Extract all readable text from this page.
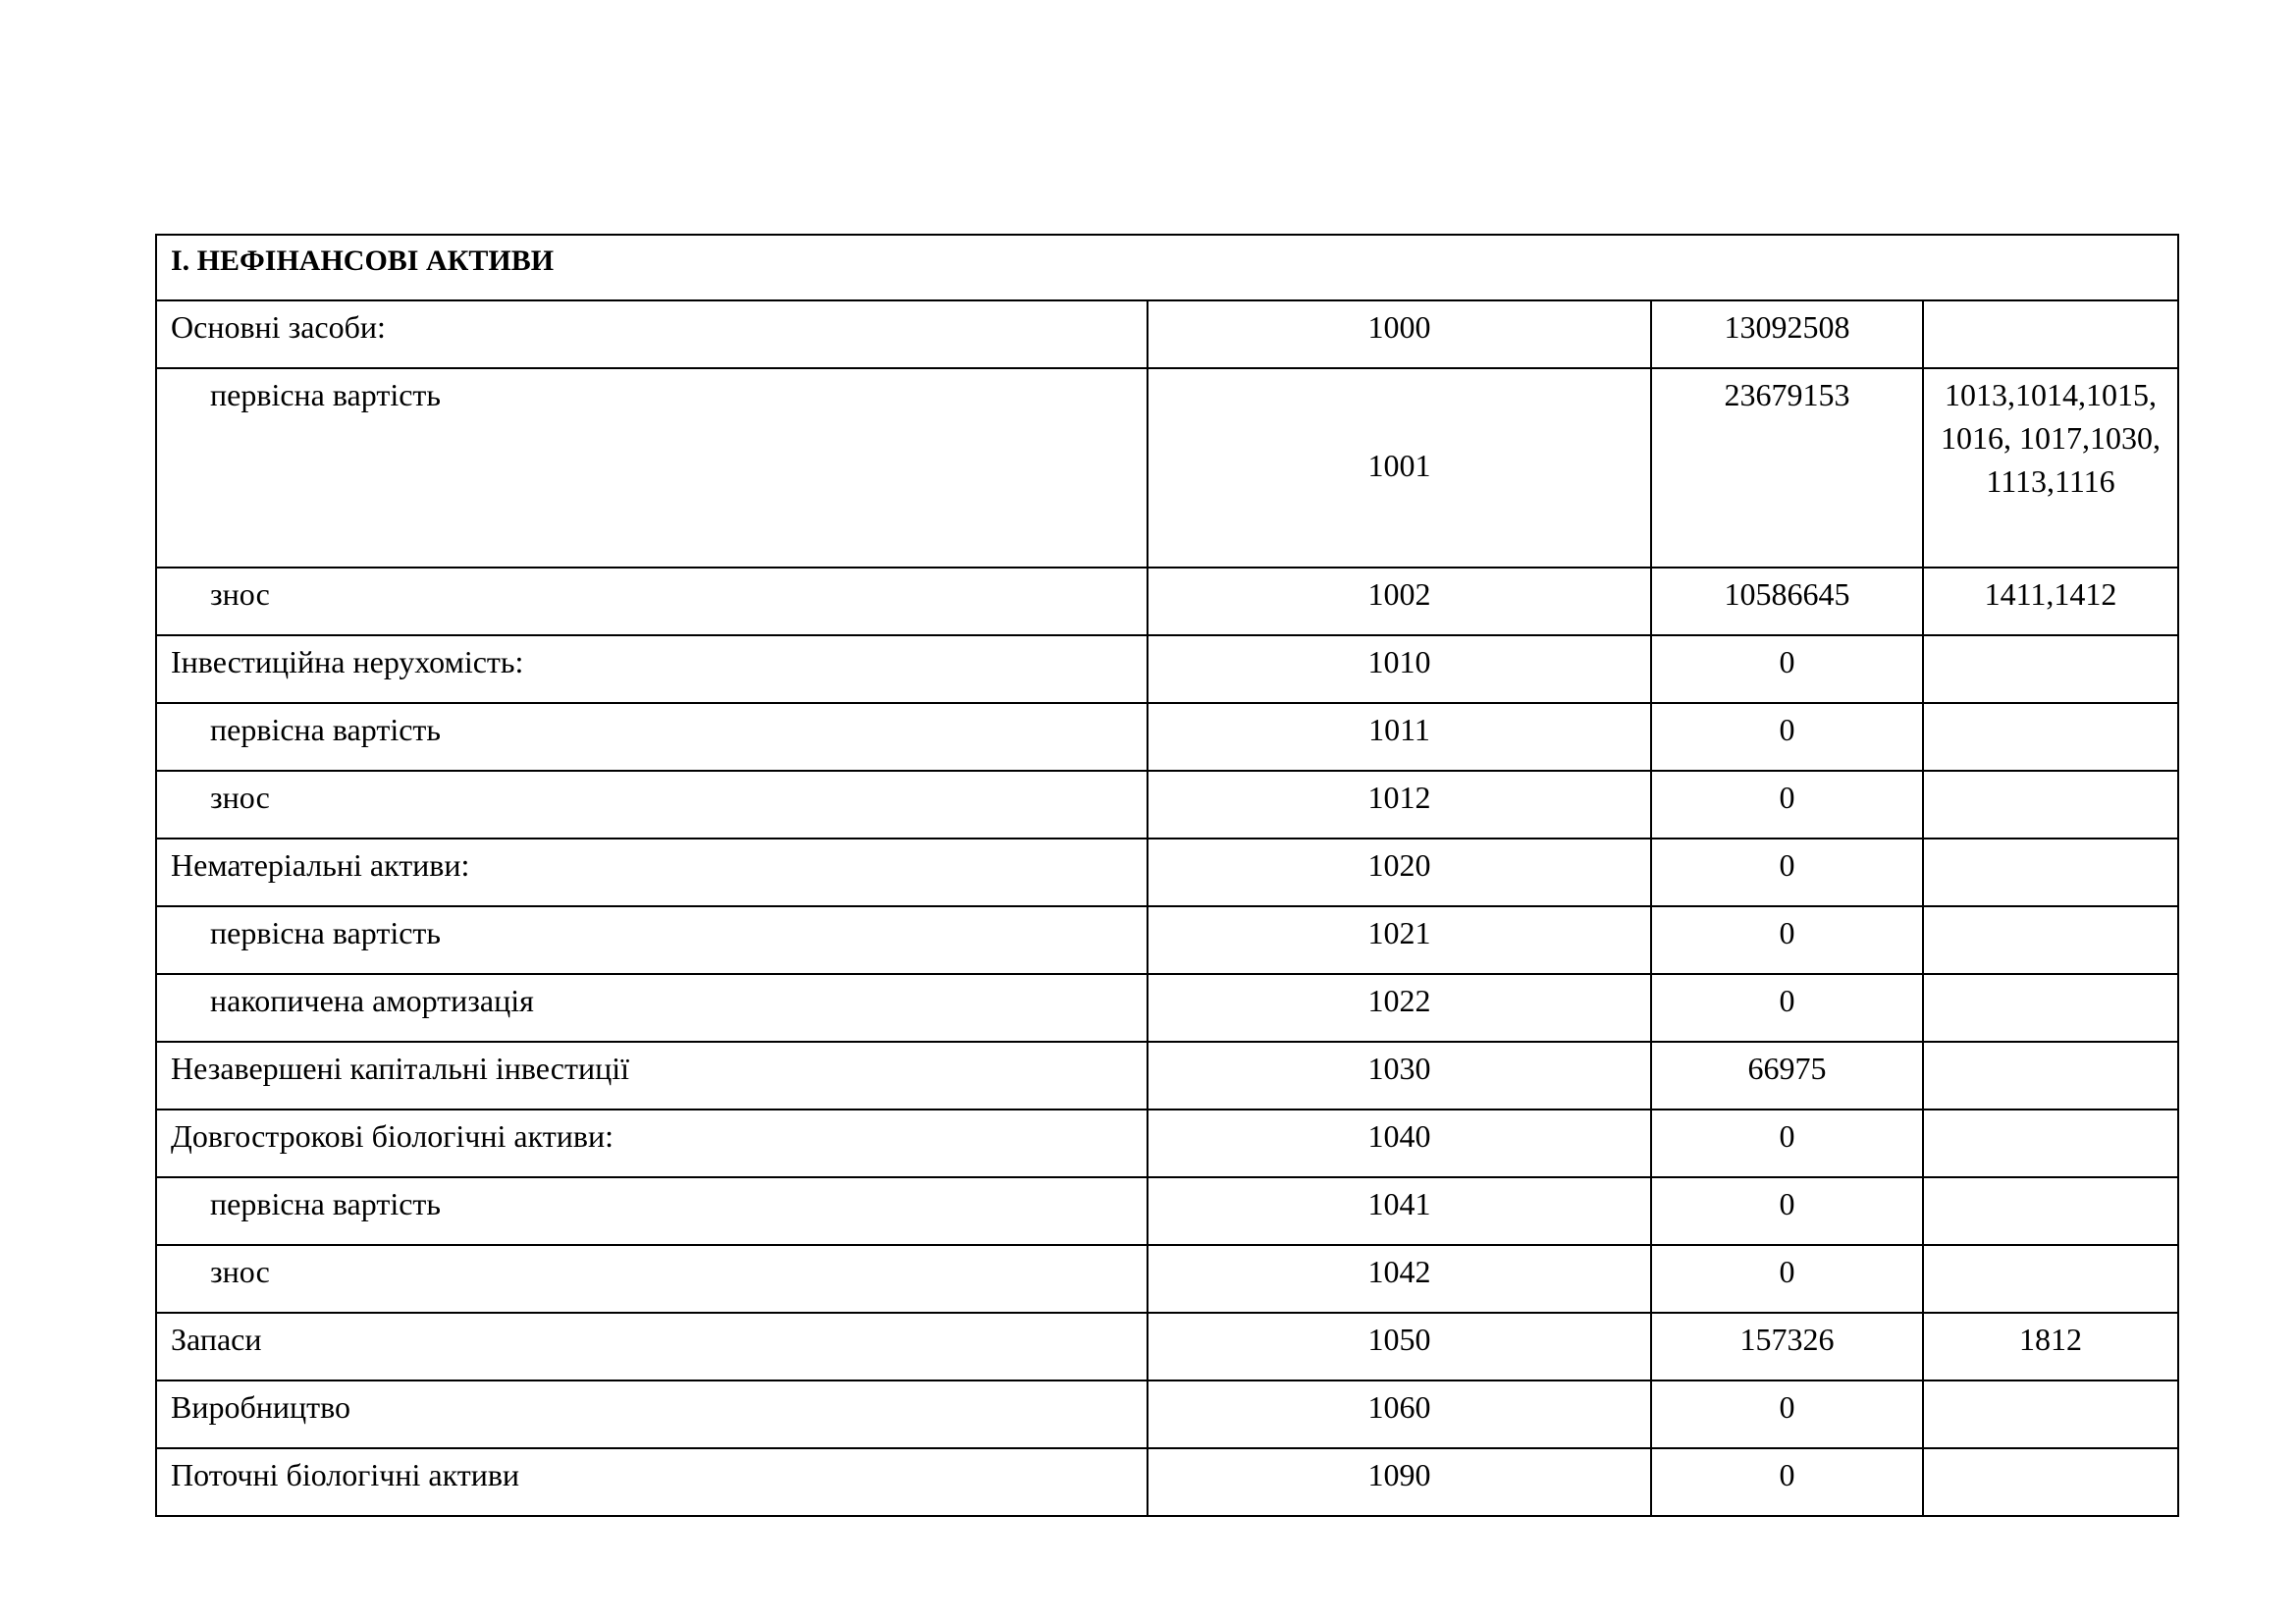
І. НЕФІНАНСОВІ АКТИВИ			
Основні засоби:	1000	13092508	
первісна вартість	1001	23679153	1013,1014,1015, 1016, 1017,1030, 1113,1116
знос	1002	10586645	1411,1412
Інвестиційна нерухомість:	1010	0	
первісна вартість	1011	0	
знос	1012	0	
Нематеріальні активи:	1020	0	
первісна вартість	1021	0	
накопичена амортизація	1022	0	
Незавершені капітальні інвестиції	1030	66975	
Довгострокові біологічні активи:	1040	0	
первісна вартість	1041	0	
знос	1042	0	
Запаси	1050	157326	1812
Виробництво	1060	0	
Поточні біологічні активи	1090	0	
